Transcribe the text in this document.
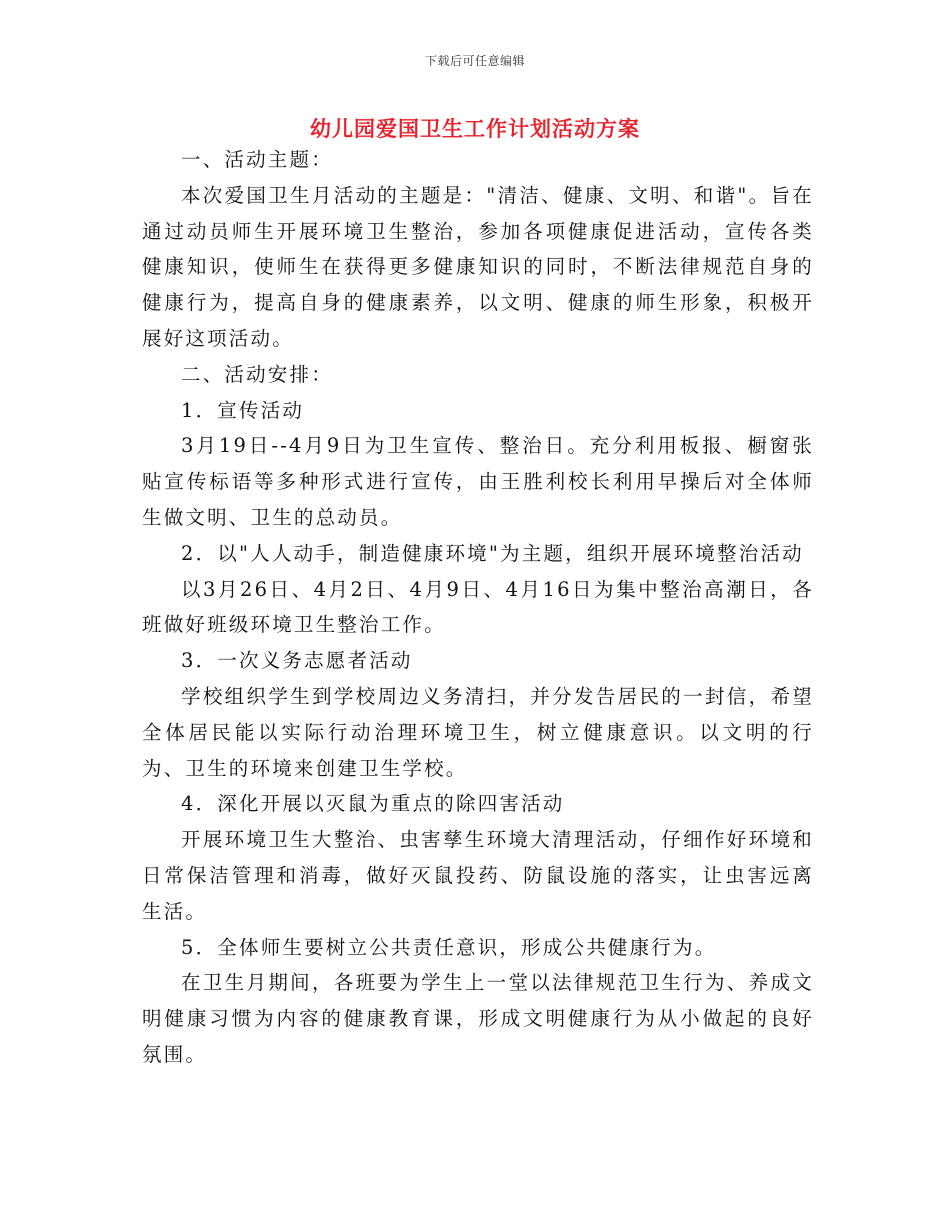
下载后可任意编辑
幼儿园爱国卫生工作计划活动方案

一、活动主题：

本次爱国卫生月活动的主题是："清洁、健康、文明、和谐"。旨在通过动员师生开展环境卫生整治，参加各项健康促进活动，宣传各类健康知识，使师生在获得更多健康知识的同时，不断法律规范自身的健康行为，提高自身的健康素养，以文明、健康的师生形象，积极开展好这项活动。

二、活动安排：

1．宣传活动

3月19日--4月9日为卫生宣传、整治日。充分利用板报、橱窗张贴宣传标语等多种形式进行宣传，由王胜利校长利用早操后对全体师生做文明、卫生的总动员。

2．以"人人动手，制造健康环境"为主题，组织开展环境整治活动

以3月26日、4月2日、4月9日、4月16日为集中整治高潮日，各班做好班级环境卫生整治工作。

3．一次义务志愿者活动

学校组织学生到学校周边义务清扫，并分发告居民的一封信，希望全体居民能以实际行动治理环境卫生，树立健康意识。以文明的行为、卫生的环境来创建卫生学校。

4．深化开展以灭鼠为重点的除四害活动

开展环境卫生大整治、虫害孳生环境大清理活动，仔细作好环境和日常保洁管理和消毒，做好灭鼠投药、防鼠设施的落实，让虫害远离生活。

5．全体师生要树立公共责任意识，形成公共健康行为。

在卫生月期间，各班要为学生上一堂以法律规范卫生行为、养成文明健康习惯为内容的健康教育课，形成文明健康行为从小做起的良好氛围。
